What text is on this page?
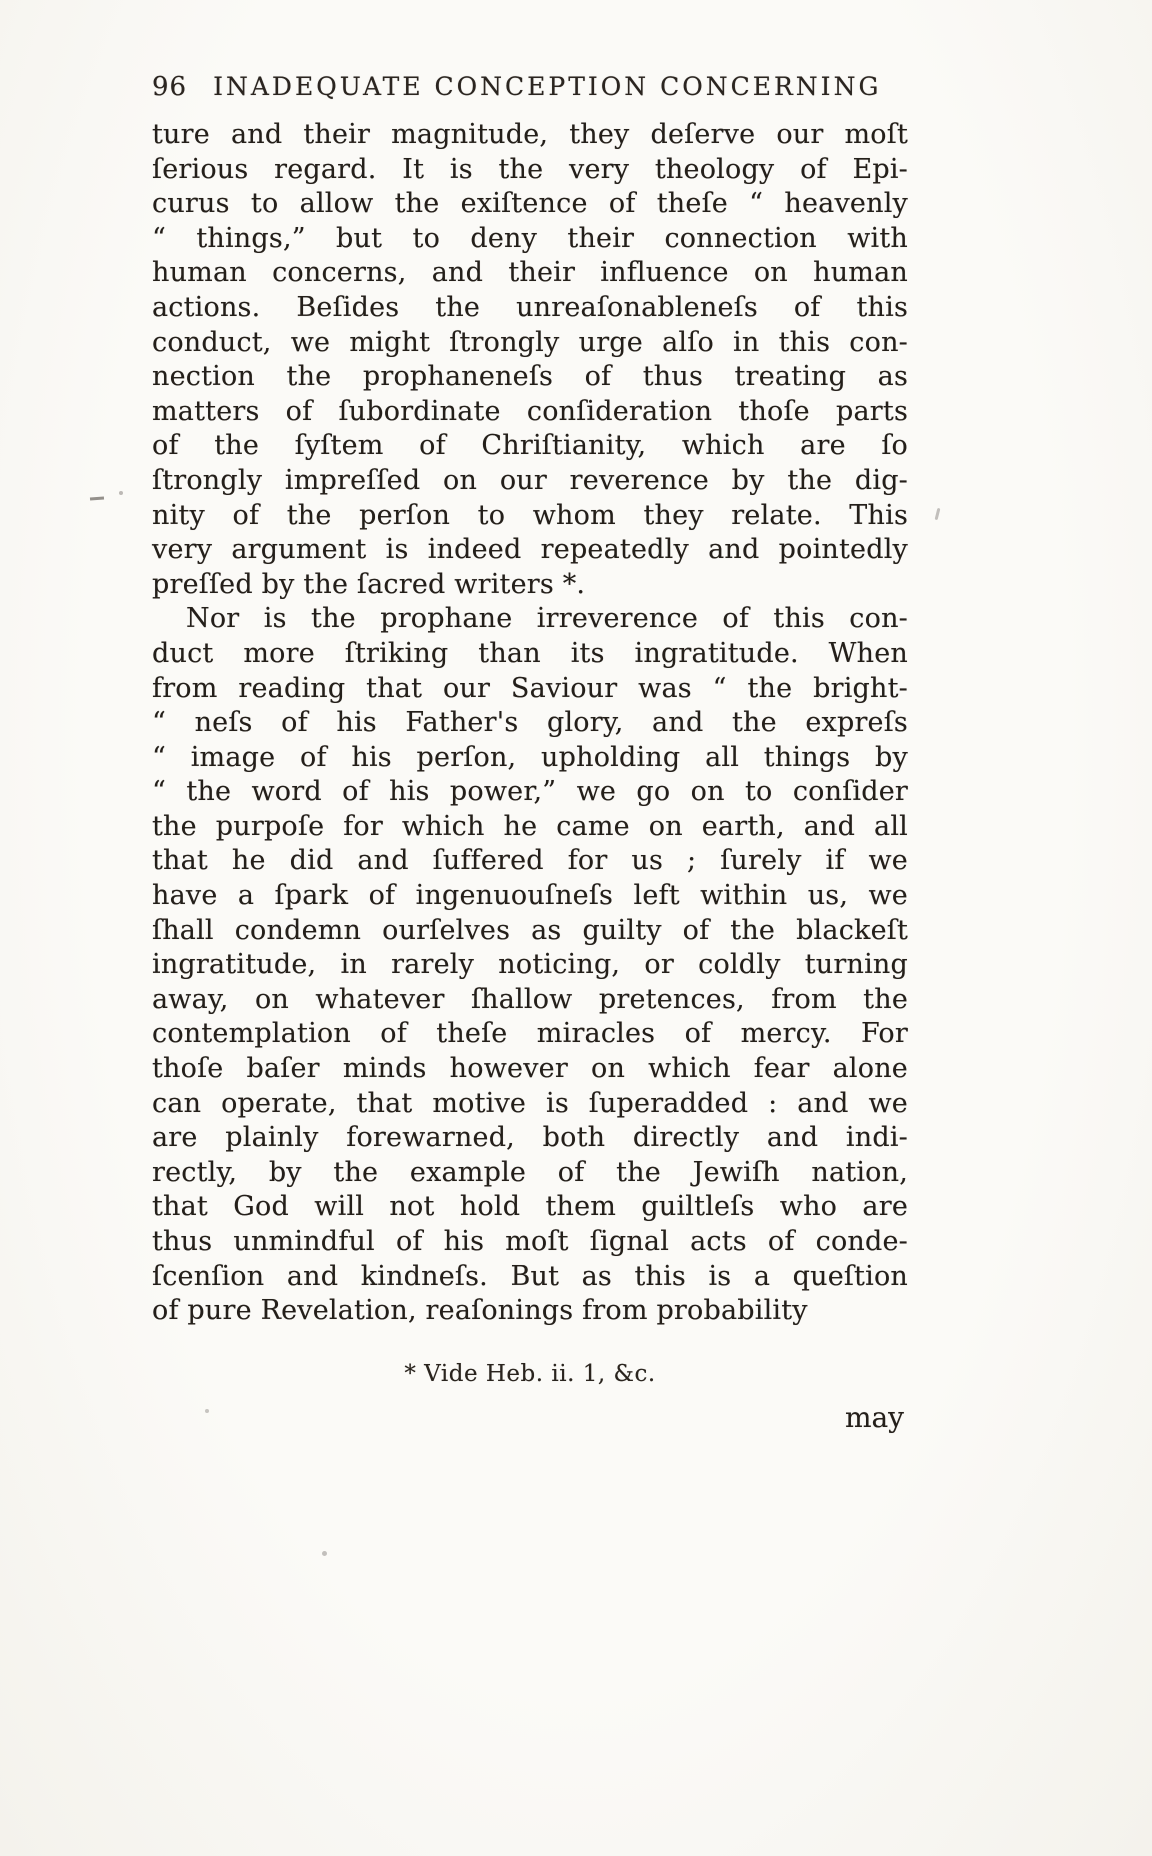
96 INADEQUATE CONCEPTION CONCERNING
ture and their magnitude, they deſerve our moſt
ſerious regard. It is the very theology of Epi-
curus to allow the exiſtence of theſe “ heavenly
“ things,” but to deny their connection with
human concerns, and their influence on human
actions. Beſides the unreaſonableneſs of this
conduct, we might ſtrongly urge alſo in this con-
nection the prophaneneſs of thus treating as
matters of ſubordinate conſideration thoſe parts
of the ſyſtem of Chriſtianity, which are ſo
ſtrongly impreſſed on our reverence by the dig-
nity of the perſon to whom they relate. This
very argument is indeed repeatedly and pointedly
preſſed by the ſacred writers *.
Nor is the prophane irreverence of this con-
duct more ſtriking than its ingratitude. When
from reading that our Saviour was “ the bright-
“ neſs of his Father's glory, and the expreſs
“ image of his perſon, upholding all things by
“ the word of his power,” we go on to conſider
the purpoſe for which he came on earth, and all
that he did and ſuffered for us ; ſurely if we
have a ſpark of ingenuouſneſs left within us, we
ſhall condemn ourſelves as guilty of the blackeſt
ingratitude, in rarely noticing, or coldly turning
away, on whatever ſhallow pretences, from the
contemplation of theſe miracles of mercy. For
thoſe baſer minds however on which fear alone
can operate, that motive is ſuperadded : and we
are plainly forewarned, both directly and indi-
rectly, by the example of the Jewiſh nation,
that God will not hold them guiltleſs who are
thus unmindful of his moſt ſignal acts of conde-
ſcenſion and kindneſs. But as this is a queſtion
of pure Revelation, reaſonings from probability
* Vide Heb. ii. 1, &c.
may
